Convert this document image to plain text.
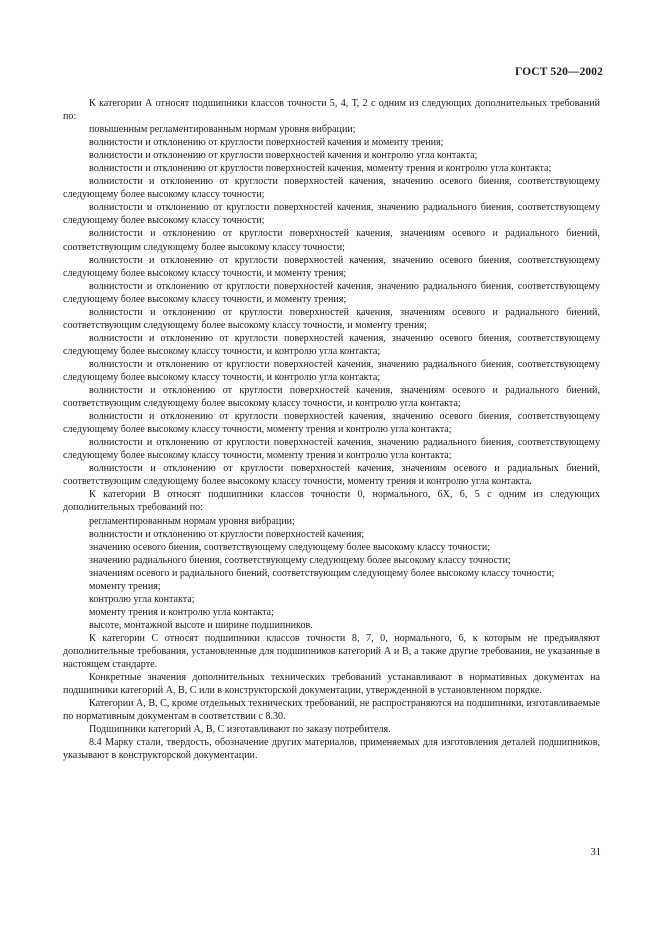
ГОСТ 520—2002

К категории А относят подшипники классов точности 5, 4, Т, 2 с одним из следующих дополнительных требований по:

повышенным регламентированным нормам уровня вибрации;

волнистости и отклонению от круглости поверхностей качения и моменту трения;

волнистости и отклонению от круглости поверхностей качения и контролю угла контакта;

волнистости и отклонению от круглости поверхностей качения, моменту трения и контролю угла контакта;

волнистости и отклонению от круглости поверхностей качения, значению осевого биения, соответствующему следующему более высокому классу точности;

волнистости и отклонению от круглости поверхностей качения, значению радиального биения, соответствующему следующему более высокому классу точности;

волнистости и отклонению от круглости поверхностей качения, значениям осевого и радиального биений, соответствующим следующему более высокому классу точности;

волнистости и отклонению от круглости поверхностей качения, значению осевого биения, соответствующему следующему более высокому классу точности, и моменту трения;

волнистости и отклонению от круглости поверхностей качения, значению радиального биения, соответствующему следующему более высокому классу точности, и моменту трения;

волнистости и отклонению от круглости поверхностей качения, значениям осевого и радиального биений, соответствующим следующему более высокому классу точности, и моменту трения;

волнистости и отклонению от круглости поверхностей качения, значению осевого биения, соответствующему следующему более высокому классу точности, и контролю угла контакта;

волнистости и отклонению от круглости поверхностей качения, значению радиального биения, соответствующему следующему более высокому классу точности, и контролю угла контакта;

волнистости и отклонению от круглости поверхностей качения, значениям осевого и радиального биений, соответствующим следующему более высокому классу точности, и контролю угла контакта;

волнистости и отклонению от круглости поверхностей качения, значению осевого биения, соответствующему следующему более высокому классу точности, моменту трения и контролю угла контакта;

волнистости и отклонению от круглости поверхностей качения, значению радиального биения, соответствующему следующему более высокому классу точности, моменту трения и контролю угла контакта;

волнистости и отклонению от круглости поверхностей качения, значениям осевого и радиальных биений, соответствующим следующему более высокому классу точности, моменту трения и контролю угла контакта.

К категории В относят подшипники классов точности 0, нормального, 6Х, 6, 5 с одним из следующих дополнительных требований по:

регламентированным нормам уровня вибрации;

волнистости и отклонению от круглости поверхностей качения;

значению осевого биения, соответствующему следующему более высокому классу точности;

значению радиального биения, соответствующему следующему более высокому классу точности;

значениям осевого и радиального биений, соответствующим следующему более высокому классу точности;

моменту трения;

контролю угла контакта;

моменту трения и контролю угла контакта;

высоте, монтажной высоте и ширине подшипников.

К категории С относят подшипники классов точности 8, 7, 0, нормального, 6, к которым не предъявляют дополнительные требования, установленные для подшипников категорий А и В, а также другие требования, не указанные в настоящем стандарте.

Конкретные значения дополнительных технических требований устанавливают в нормативных документах на подшипники категорий А, В, С или в конструкторской документации, утвержденной в установленном порядке.

Категории А, В, С, кроме отдельных технических требований, не распространяются на подшипники, изготавливаемые по нормативным документам в соответствии с 8.30.

Подшипники категорий А, В, С изготавливают по заказу потребителя.

8.4 Марку стали, твердость, обозначение других материалов, применяемых для изготовления деталей подшипников, указывают в конструкторской документации.

31
